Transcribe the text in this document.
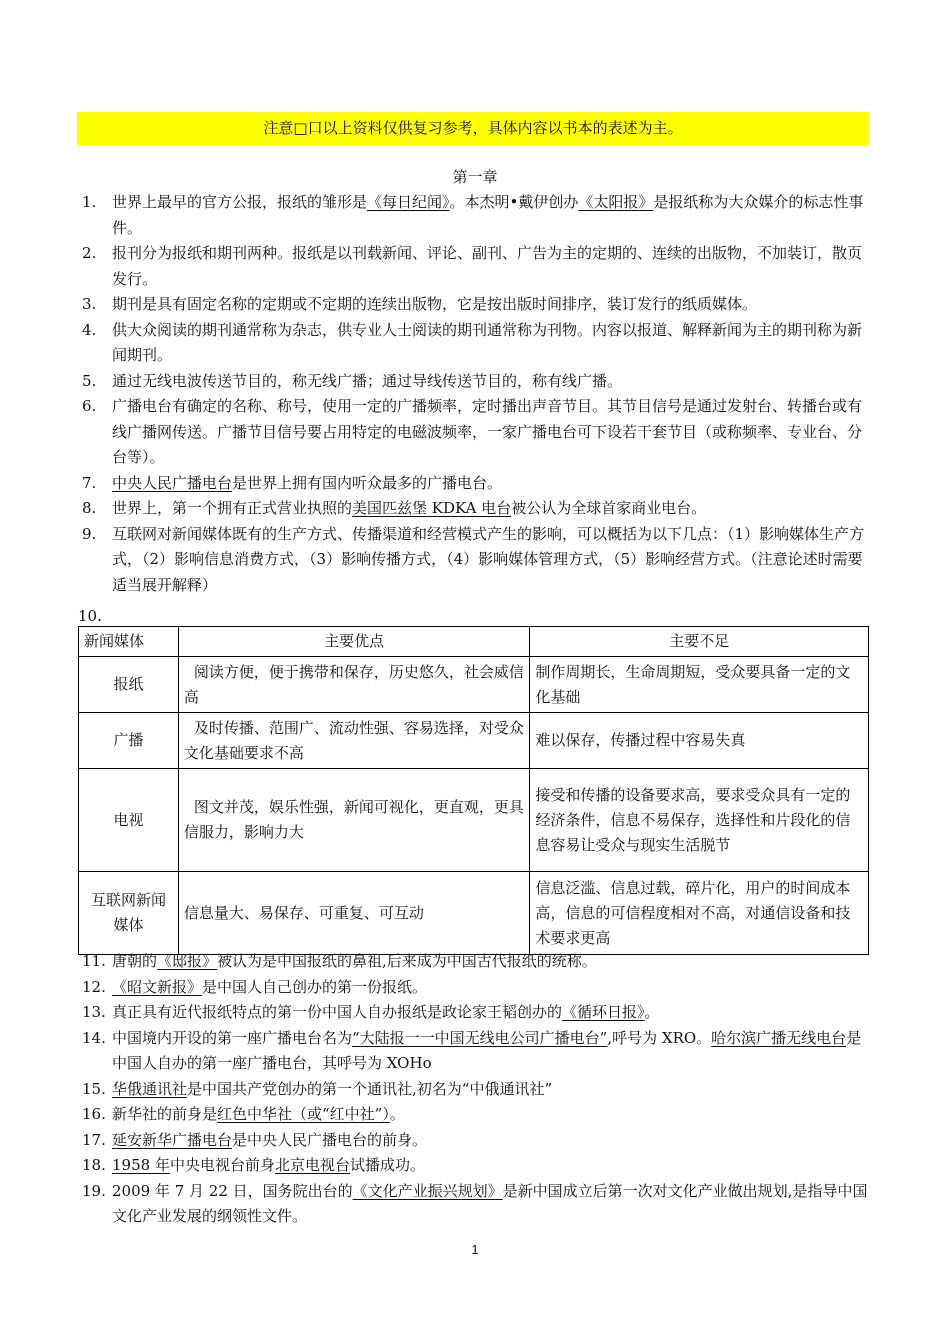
注意□口以上资料仅供复习参考，具体内容以书本的表述为主。
第一章
1. 世界上最早的官方公报，报纸的雏形是《每日纪闻》。本杰明•戴伊创办《太阳报》是报纸称为大众媒介的标志性事件。
2. 报刊分为报纸和期刊两种。报纸是以刊载新闻、评论、副刊、广告为主的定期的、连续的出版物，不加装订，散页发行。
3. 期刊是具有固定名称的定期或不定期的连续出版物，它是按出版时间排序，装订发行的纸质媒体。
4. 供大众阅读的期刊通常称为杂志，供专业人士阅读的期刊通常称为刊物。内容以报道、解释新闻为主的期刊称为新闻期刊。
5. 通过无线电波传送节目的，称无线广播；通过导线传送节目的，称有线广播。
6. 广播电台有确定的名称、称号，使用一定的广播频率，定时播出声音节目。其节目信号是通过发射台、转播台或有线广播网传送。广播节目信号要占用特定的电磁波频率，一家广播电台可下设若干套节目（或称频率、专业台、分台等）。
7. 中央人民广播电台是世界上拥有国内听众最多的广播电台。
8. 世界上，第一个拥有正式营业执照的美国匹兹堡 KDKA 电台被公认为全球首家商业电台。
9. 互联网对新闻媒体既有的生产方式、传播渠道和经营模式产生的影响，可以概括为以下几点：（1）影响媒体生产方式，（2）影响信息消费方式，（3）影响传播方式，（4）影响媒体管理方式，（5）影响经营方式。（注意论述时需要适当展开解释）
10.
新闻媒体	主要优点	主要不足
报纸	阅读方便，便于携带和保存，历史悠久，社会威信高	制作周期长，生命周期短，受众要具备一定的文化基础
广播	及时传播、范围广、流动性强、容易选择，对受众文化基础要求不高	难以保存，传播过程中容易失真
电视	图文并茂，娱乐性强，新闻可视化，更直观，更具信服力，影响力大	接受和传播的设备要求高，要求受众具有一定的经济条件，信息不易保存，选择性和片段化的信息容易让受众与现实生活脱节
互联网新闻媒体	信息量大、易保存、可重复、可互动	信息泛滥、信息过载，碎片化，用户的时间成本高，信息的可信程度相对不高，对通信设备和技术要求更高
11. 唐朝的《邸报》被认为是中国报纸的鼻祖,后来成为中国古代报纸的统称。
12. 《昭文新报》是中国人自己创办的第一份报纸。
13. 真正具有近代报纸特点的第一份中国人自办报纸是政论家王韬创办的《循环日报》。
14. 中国境内开设的第一座广播电台名为“大陆报一一中国无线电公司广播电台”,呼号为 XRO。哈尔滨广播无线电台是中国人自办的第一座广播电台，其呼号为 XOHo
15. 华俄通讯社是中国共产党创办的第一个通讯社,初名为“中俄通讯社”
16. 新华社的前身是红色中华社（或“红中社”）。
17. 延安新华广播电台是中央人民广播电台的前身。
18. 1958 年中央电视台前身北京电视台试播成功。
19. 2009 年 7 月 22 日，国务院出台的《文化产业振兴规划》是新中国成立后第一次对文化产业做出规划,是指导中国文化产业发展的纲领性文件。
1
